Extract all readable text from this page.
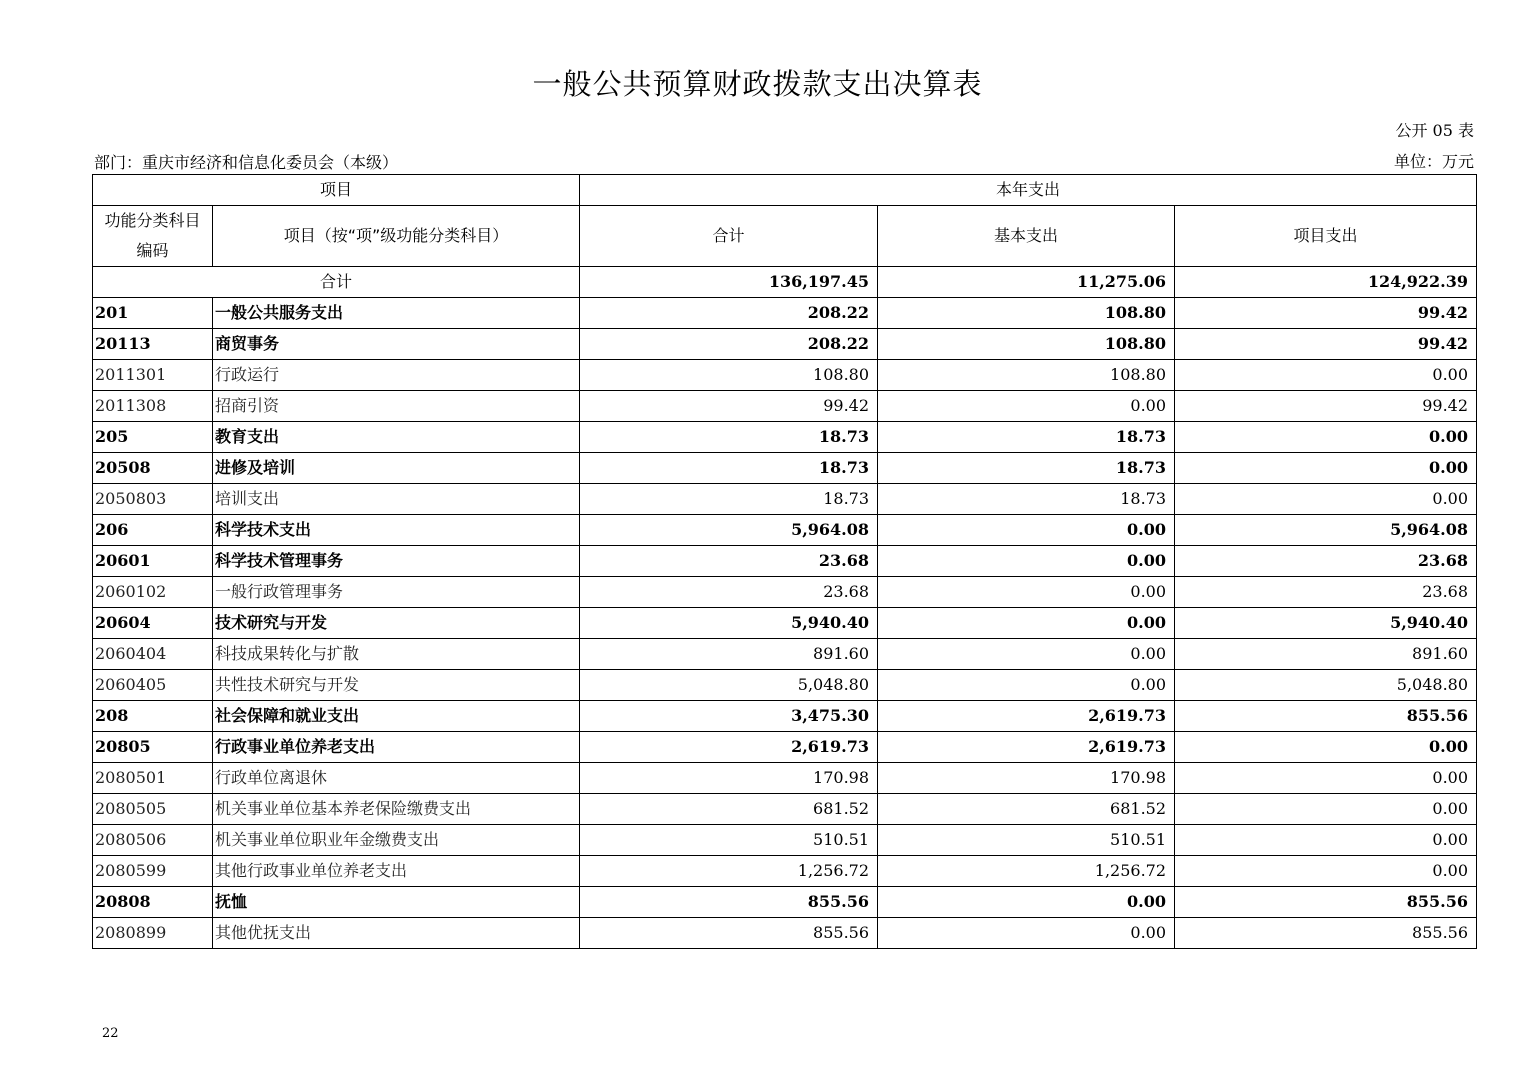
一般公共预算财政拨款支出决算表
公开 05 表
部门：重庆市经济和信息化委员会（本级）	单位：万元
项目		本年支出		

功能分类科目
编码	项目（按“项”级功能分类科目）	合计	基本支出	项目支出
合计		136,197.45	11,275.06	124,922.39
201	一般公共服务支出	208.22	108.80	99.42
20113	商贸事务	208.22	108.80	99.42
2011301	行政运行	108.80	108.80	0.00
2011308	招商引资	99.42	0.00	99.42
205	教育支出	18.73	18.73	0.00
20508	进修及培训	18.73	18.73	0.00
2050803	培训支出	18.73	18.73	0.00
206	科学技术支出	5,964.08	0.00	5,964.08
20601	科学技术管理事务	23.68	0.00	23.68
2060102	一般行政管理事务	23.68	0.00	23.68
20604	技术研究与开发	5,940.40	0.00	5,940.40
2060404	科技成果转化与扩散	891.60	0.00	891.60
2060405	共性技术研究与开发	5,048.80	0.00	5,048.80
208	社会保障和就业支出	3,475.30	2,619.73	855.56
20805	行政事业单位养老支出	2,619.73	2,619.73	0.00
2080501	行政单位离退休	170.98	170.98	0.00
2080505	机关事业单位基本养老保险缴费支出	681.52	681.52	0.00
2080506	机关事业单位职业年金缴费支出	510.51	510.51	0.00
2080599	其他行政事业单位养老支出	1,256.72	1,256.72	0.00
20808	抚恤	855.56	0.00	855.56
2080899	其他优抚支出	855.56	0.00	855.56
22
